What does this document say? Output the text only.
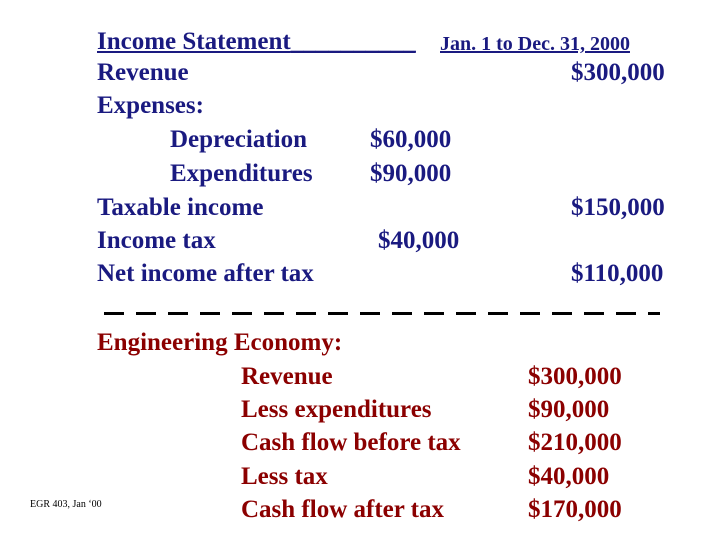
Income Statement__________ Jan. 1 to Dec. 31, 2000
Revenue	$300,000
Expenses:
Depreciation	$60,000
Expenditures $90,000
Taxable income	$150,000
Income tax	$40,000
Net income after tax	$110,000
Engineering Economy:
Revenue	$300,000
Less expenditures	$90,000
Cash flow before tax	$210,000
Less tax	$40,000
Cash flow after tax	$170,000
EGR 403, Jan ‘00
